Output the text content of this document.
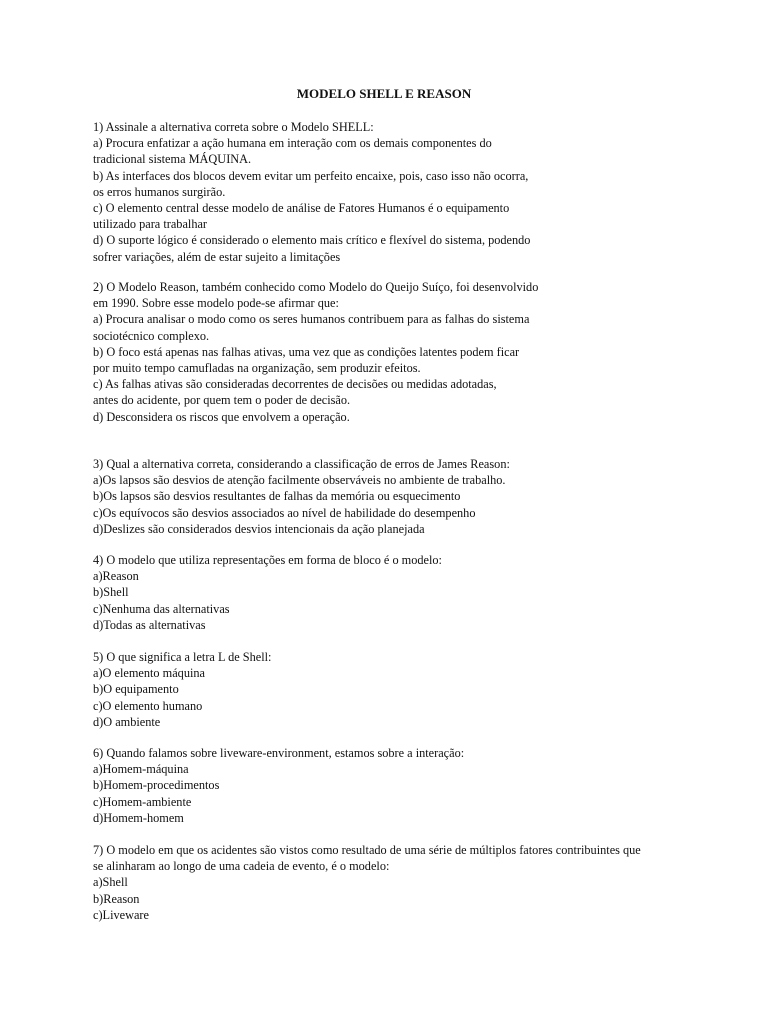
MODELO SHELL E REASON
1) Assinale a alternativa correta sobre o Modelo SHELL:
a) Procura enfatizar a ação humana em interação com os demais componentes do
tradicional sistema MÁQUINA.
b) As interfaces dos blocos devem evitar um perfeito encaixe, pois, caso isso não ocorra,
os erros humanos surgirão.
c) O elemento central desse modelo de análise de Fatores Humanos é o equipamento
utilizado para trabalhar
d) O suporte lógico é considerado o elemento mais crítico e flexível do sistema, podendo
sofrer variações, além de estar sujeito a limitações
2) O Modelo Reason, também conhecido como Modelo do Queijo Suíço, foi desenvolvido
em 1990. Sobre esse modelo pode-se afirmar que:
a) Procura analisar o modo como os seres humanos contribuem para as falhas do sistema
sociotécnico complexo.
b) O foco está apenas nas falhas ativas, uma vez que as condições latentes podem ficar
por muito tempo camufladas na organização, sem produzir efeitos.
c) As falhas ativas são consideradas decorrentes de decisões ou medidas adotadas,
antes do acidente, por quem tem o poder de decisão.
d) Desconsidera os riscos que envolvem a operação.
3) Qual a alternativa correta, considerando a classificação de erros de James Reason:
a)Os lapsos são desvios de atenção facilmente observáveis no ambiente de trabalho.
b)Os lapsos são desvios resultantes de falhas da memória ou esquecimento
c)Os equívocos são desvios associados ao nível de habilidade do desempenho
d)Deslizes são considerados desvios intencionais da ação planejada
4) O modelo que utiliza representações em forma de bloco é o modelo:
a)Reason
b)Shell
c)Nenhuma das alternativas
d)Todas as alternativas
5) O que significa a letra L de Shell:
a)O elemento máquina
b)O equipamento
c)O elemento humano
d)O ambiente
6) Quando falamos sobre liveware-environment, estamos sobre a interação:
a)Homem-máquina
b)Homem-procedimentos
c)Homem-ambiente
d)Homem-homem
7) O modelo em que os acidentes são vistos como resultado de uma série de múltiplos fatores contribuintes que
se alinharam ao longo de uma cadeia de evento, é o modelo:
a)Shell
b)Reason
c)Liveware
